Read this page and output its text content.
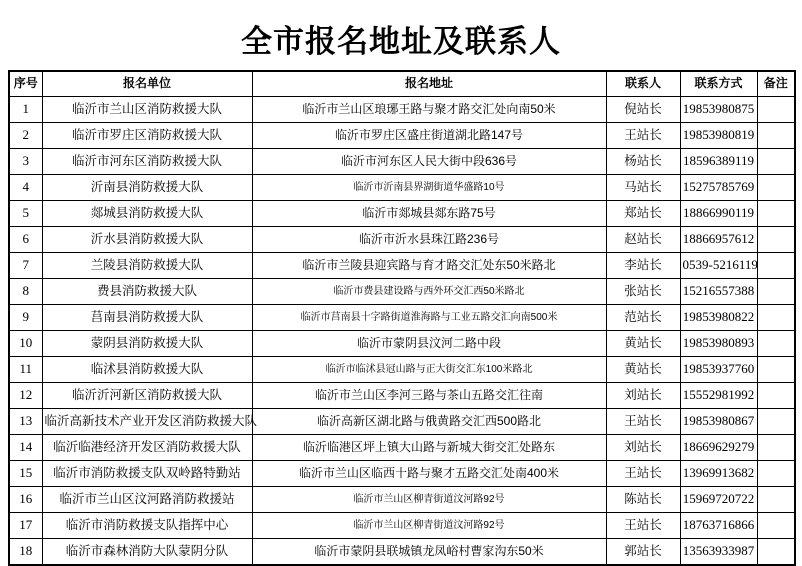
全市报名地址及联系人
序号	报名单位	报名地址	联系人	联系方式	备注
1	临沂市兰山区消防救援大队	临沂市兰山区琅琊王路与聚才路交汇处向南50米	倪站长	19853980875	
2	临沂市罗庄区消防救援大队	临沂市罗庄区盛庄街道湖北路147号	王站长	19853980819	
3	临沂市河东区消防救援大队	临沂市河东区人民大街中段636号	杨站长	18596389119	
4	沂南县消防救援大队	临沂市沂南县界湖街道华盛路10号	马站长	15275785769	
5	郯城县消防救援大队	临沂市郯城县郯东路75号	郑站长	18866990119	
6	沂水县消防救援大队	临沂市沂水县珠江路236号	赵站长	18866957612	
7	兰陵县消防救援大队	临沂市兰陵县迎宾路与育才路交汇处东50米路北	李站长	0539-5216119	
8	费县消防救援大队	临沂市费县建设路与西外环交汇西50米路北	张站长	15216557388	
9	莒南县消防救援大队	临沂市莒南县十字路街道淮海路与工业五路交汇向南500米	范站长	19853980822	
10	蒙阴县消防救援大队	临沂市蒙阴县汶河二路中段	黄站长	19853980893	
11	临沭县消防救援大队	临沂市临沭县冠山路与正大街交汇东100米路北	黄站长	19853937760	
12	临沂沂河新区消防救援大队	临沂市兰山区李河三路与茶山五路交汇往南	刘站长	15552981992	
13	临沂高新技术产业开发区消防救援大队	临沂高新区湖北路与俄黄路交汇西500路北	王站长	19853980867	
14	临沂临港经济开发区消防救援大队	临沂临港区坪上镇大山路与新城大街交汇处路东	刘站长	18669629279	
15	临沂市消防救援支队双岭路特勤站	临沂市兰山区临西十路与聚才五路交汇处南400米	王站长	13969913682	
16	临沂市兰山区汶河路消防救援站	临沂市兰山区柳青街道汶河路92号	陈站长	15969720722	
17	临沂市消防救援支队指挥中心	临沂市兰山区柳青街道汶河路92号	王站长	18763716866	
18	临沂市森林消防大队蒙阴分队	临沂市蒙阴县联城镇龙凤峪村曹家沟东50米	郭站长	13563933987	
